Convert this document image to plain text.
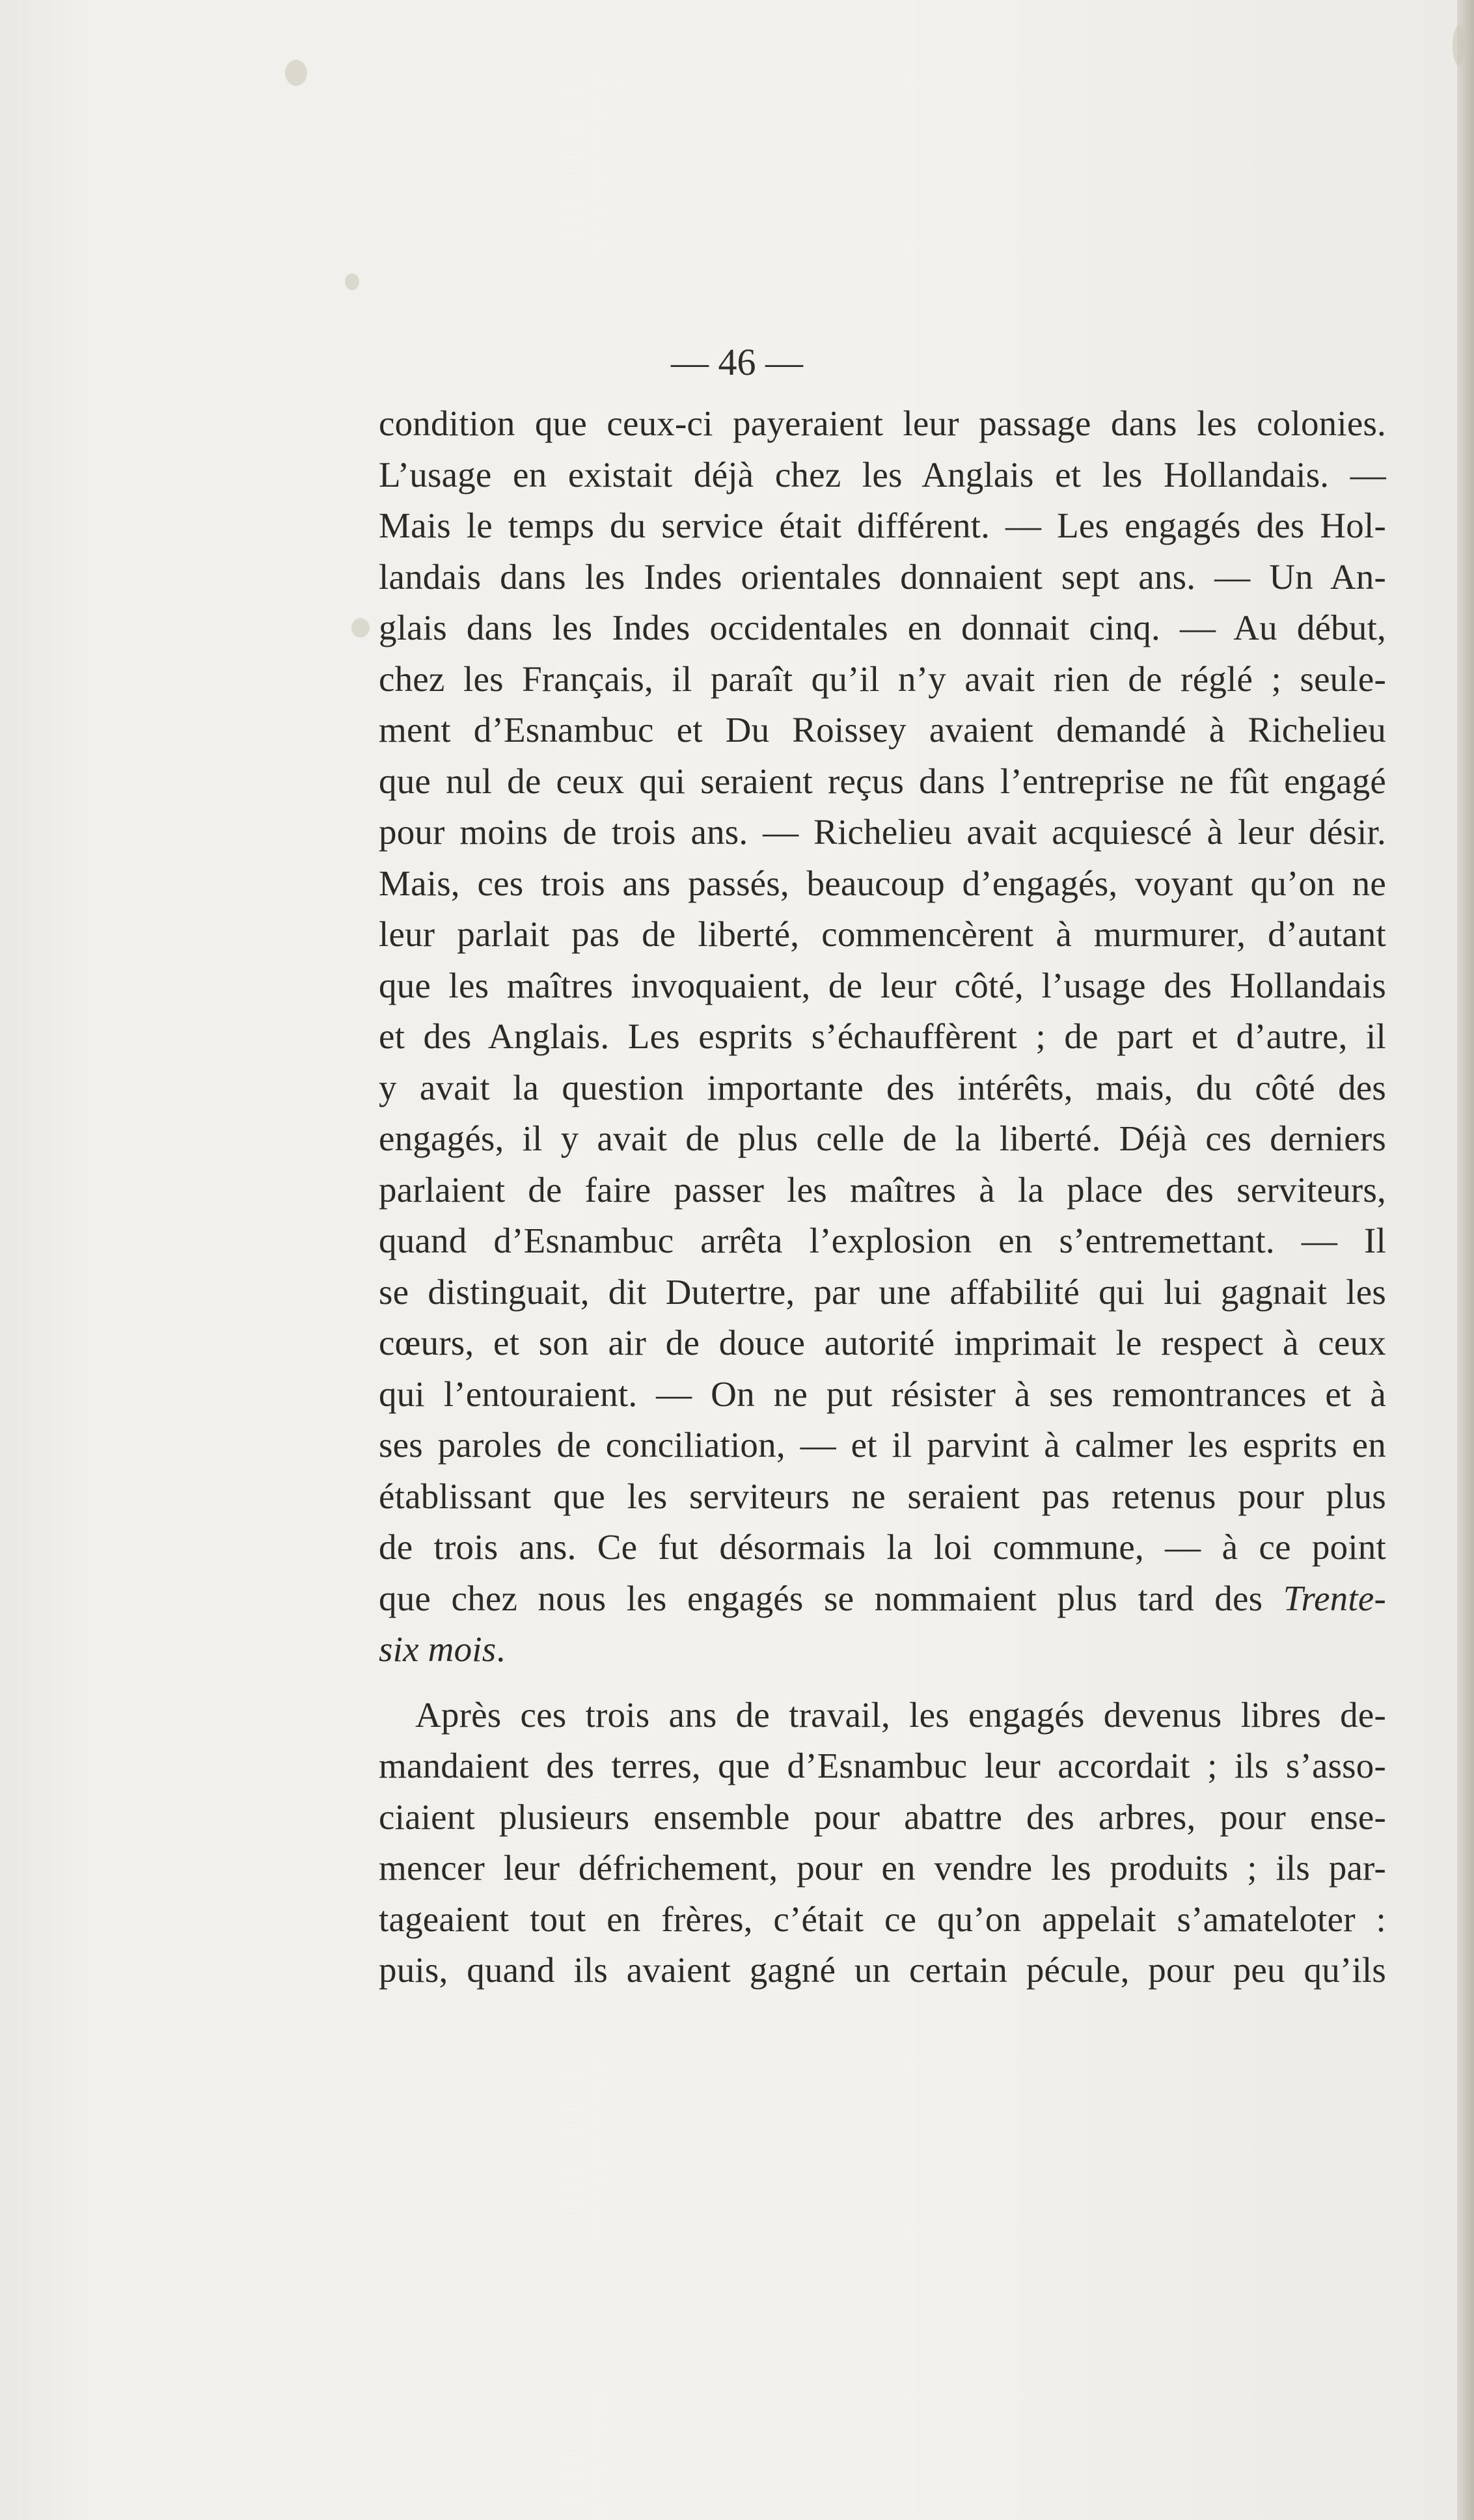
— 46 —
condition que ceux-ci payeraient leur passage dans les colonies.
L’usage en existait déjà chez les Anglais et les Hollandais. —
Mais le temps du service était différent. — Les engagés des Hol-
landais dans les Indes orientales donnaient sept ans. — Un An-
glais dans les Indes occidentales en donnait cinq. — Au début,
chez les Français, il paraît qu’il n’y avait rien de réglé ; seule-
ment d’Esnambuc et Du Roissey avaient demandé à Richelieu
que nul de ceux qui seraient reçus dans l’entreprise ne fût engagé
pour moins de trois ans. — Richelieu avait acquiescé à leur désir.
Mais, ces trois ans passés, beaucoup d’engagés, voyant qu’on ne
leur parlait pas de liberté, commencèrent à murmurer, d’autant
que les maîtres invoquaient, de leur côté, l’usage des Hollandais
et des Anglais. Les esprits s’échauffèrent ; de part et d’autre, il
y avait la question importante des intérêts, mais, du côté des
engagés, il y avait de plus celle de la liberté. Déjà ces derniers
parlaient de faire passer les maîtres à la place des serviteurs,
quand d’Esnambuc arrêta l’explosion en s’entremettant. — Il
se distinguait, dit Dutertre, par une affabilité qui lui gagnait les
cœurs, et son air de douce autorité imprimait le respect à ceux
qui l’entouraient. — On ne put résister à ses remontrances et à
ses paroles de conciliation, — et il parvint à calmer les esprits en
établissant que les serviteurs ne seraient pas retenus pour plus
de trois ans. Ce fut désormais la loi commune, — à ce point
que chez nous les engagés se nommaient plus tard des Trente-
six mois.
Après ces trois ans de travail, les engagés devenus libres de-
mandaient des terres, que d’Esnambuc leur accordait ; ils s’asso-
ciaient plusieurs ensemble pour abattre des arbres, pour ense-
mencer leur défrichement, pour en vendre les produits ; ils par-
tageaient tout en frères, c’était ce qu’on appelait s’amateloter :
puis, quand ils avaient gagné un certain pécule, pour peu qu’ils
